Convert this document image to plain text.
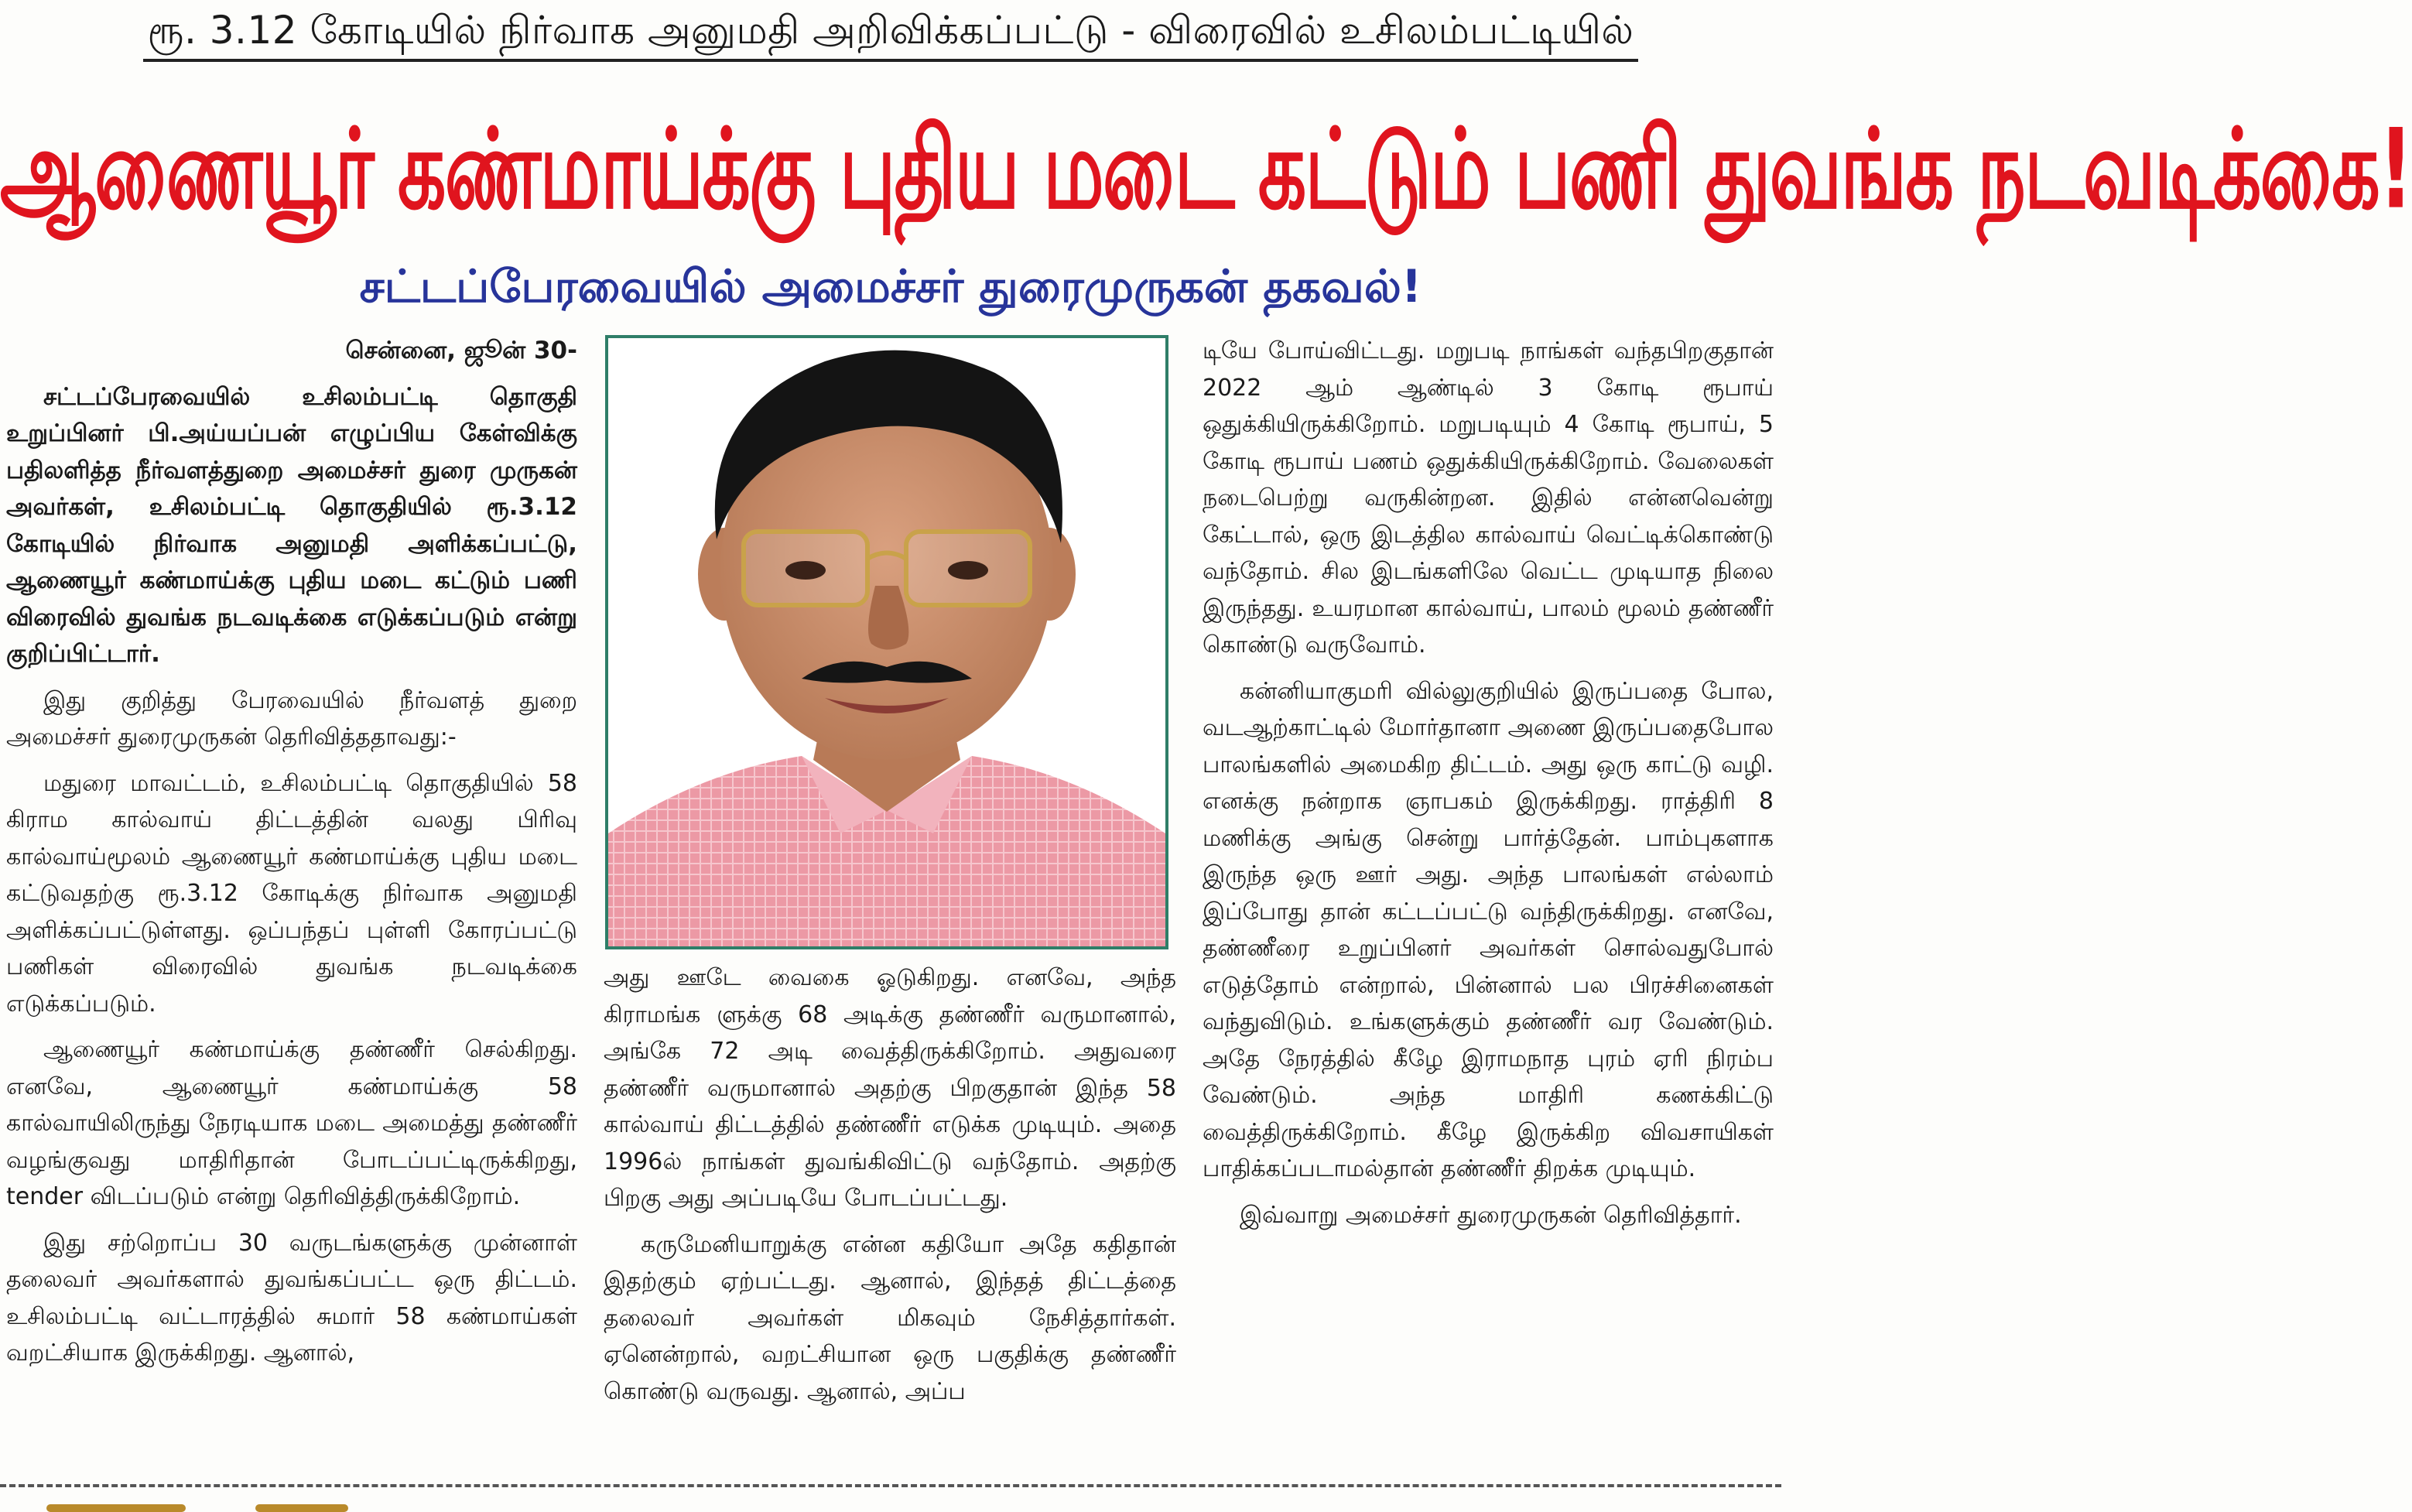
ரூ. 3.12 கோடியில் நிர்வாக அனுமதி அறிவிக்கப்பட்டு - விரைவில் உசிலம்பட்டியில்
ஆணையூர் கண்மாய்க்கு புதிய மடை கட்டும் பணி துவங்க நடவடிக்கை!
சட்டப்பேரவையில் அமைச்சர் துரைமுருகன் தகவல்!

சென்னை, ஜூன் 30-

சட்டப்பேரவையில் உசிலம்பட்டி தொகுதி உறுப்பினர் பி.அய்யப்பன் எழுப்பிய கேள்விக்கு பதிலளித்த நீர்வளத்துறை அமைச்சர் துரை முருகன் அவர்கள், உசிலம்பட்டி தொகுதியில் ரூ.3.12 கோடியில் நிர்வாக அனுமதி அளிக்கப்பட்டு, ஆணையூர் கண்மாய்க்கு புதிய மடை கட்டும் பணி விரைவில் துவங்க நடவடிக்கை எடுக்கப்படும் என்று குறிப்பிட்டார்.

இது குறித்து பேரவையில் நீர்வளத் துறை அமைச்சர் துரைமுருகன் தெரிவித்ததாவது:-

மதுரை மாவட்டம், உசிலம்பட்டி தொகுதியில் 58 கிராம கால்வாய் திட்டத்தின் வலது பிரிவு கால்வாய்மூலம் ஆணையூர் கண்மாய்க்கு புதிய மடை கட்டுவதற்கு ரூ.3.12 கோடிக்கு நிர்வாக அனுமதி அளிக்கப்பட்டுள்ளது. ஒப்பந்தப் புள்ளி கோரப்பட்டு பணிகள் விரைவில் துவங்க நடவடிக்கை எடுக்கப்படும்.

ஆணையூர் கண்மாய்க்கு தண்ணீர் செல்கிறது. எனவே, ஆணையூர் கண்மாய்க்கு 58 கால்வாயிலிருந்து நேரடியாக மடை அமைத்து தண்ணீர் வழங்குவது மாதிரிதான் போடப்பட்டிருக்கிறது, tender விடப்படும் என்று தெரிவித்திருக்கிறோம்.

இது சற்றொப்ப 30 வருடங்களுக்கு முன்னாள் தலைவர் அவர்களால் துவங்கப்பட்ட ஒரு திட்டம். உசிலம்பட்டி வட்டாரத்தில் சுமார் 58 கண்மாய்கள் வறட்சியாக இருக்கிறது. ஆனால்,

அது ஊடே வைகை ஓடுகிறது. எனவே, அந்த கிராமங்க ளுக்கு 68 அடிக்கு தண்ணீர் வருமானால், அங்கே 72 அடி வைத்திருக்கிறோம். அதுவரை தண்ணீர் வருமானால் அதற்கு பிறகுதான் இந்த 58 கால்வாய் திட்டத்தில் தண்ணீர் எடுக்க முடியும். அதை 1996ல் நாங்கள் துவங்கிவிட்டு வந்தோம். அதற்கு பிறகு அது அப்படியே போடப்பட்டது.

கருமேனியாறுக்கு என்ன கதியோ அதே கதிதான் இதற்கும் ஏற்பட்டது. ஆனால், இந்தத் திட்டத்தை தலைவர் அவர்கள் மிகவும் நேசித்தார்கள். ஏனென்றால், வறட்சியான ஒரு பகுதிக்கு தண்ணீர் கொண்டு வருவது. ஆனால், அப்ப

டியே போய்விட்டது. மறுபடி நாங்கள் வந்தபிறகுதான் 2022 ஆம் ஆண்டில் 3 கோடி ரூபாய் ஒதுக்கியிருக்கிறோம். மறுபடியும் 4 கோடி ரூபாய், 5 கோடி ரூபாய் பணம் ஒதுக்கியிருக்கிறோம். வேலைகள் நடைபெற்று வருகின்றன. இதில் என்னவென்று கேட்டால், ஒரு இடத்தில கால்வாய் வெட்டிக்கொண்டு வந்தோம். சில இடங்களிலே வெட்ட முடியாத நிலை இருந்தது. உயரமான கால்வாய், பாலம் மூலம் தண்ணீர் கொண்டு வருவோம்.

கன்னியாகுமரி வில்லுகுறியில் இருப்பதை போல, வடஆற்காட்டில் மோர்தானா அணை இருப்பதைபோல பாலங்களில் அமைகிற திட்டம். அது ஒரு காட்டு வழி. எனக்கு நன்றாக ஞாபகம் இருக்கிறது. ராத்திரி 8 மணிக்கு அங்கு சென்று பார்த்தேன். பாம்புகளாக இருந்த ஒரு ஊர் அது. அந்த பாலங்கள் எல்லாம் இப்போது தான் கட்டப்பட்டு வந்திருக்கிறது. எனவே, தண்ணீரை உறுப்பினர் அவர்கள் சொல்வதுபோல் எடுத்தோம் என்றால், பின்னால் பல பிரச்சினைகள் வந்துவிடும். உங்களுக்கும் தண்ணீர் வர வேண்டும். அதே நேரத்தில் கீழே இராமநாத புரம் ஏரி நிரம்ப வேண்டும். அந்த மாதிரி கணக்கிட்டு வைத்திருக்கிறோம். கீழே இருக்கிற விவசாயிகள் பாதிக்கப்படாமல்தான் தண்ணீர் திறக்க முடியும்.

இவ்வாறு அமைச்சர் துரைமுருகன் தெரிவித்தார்.
